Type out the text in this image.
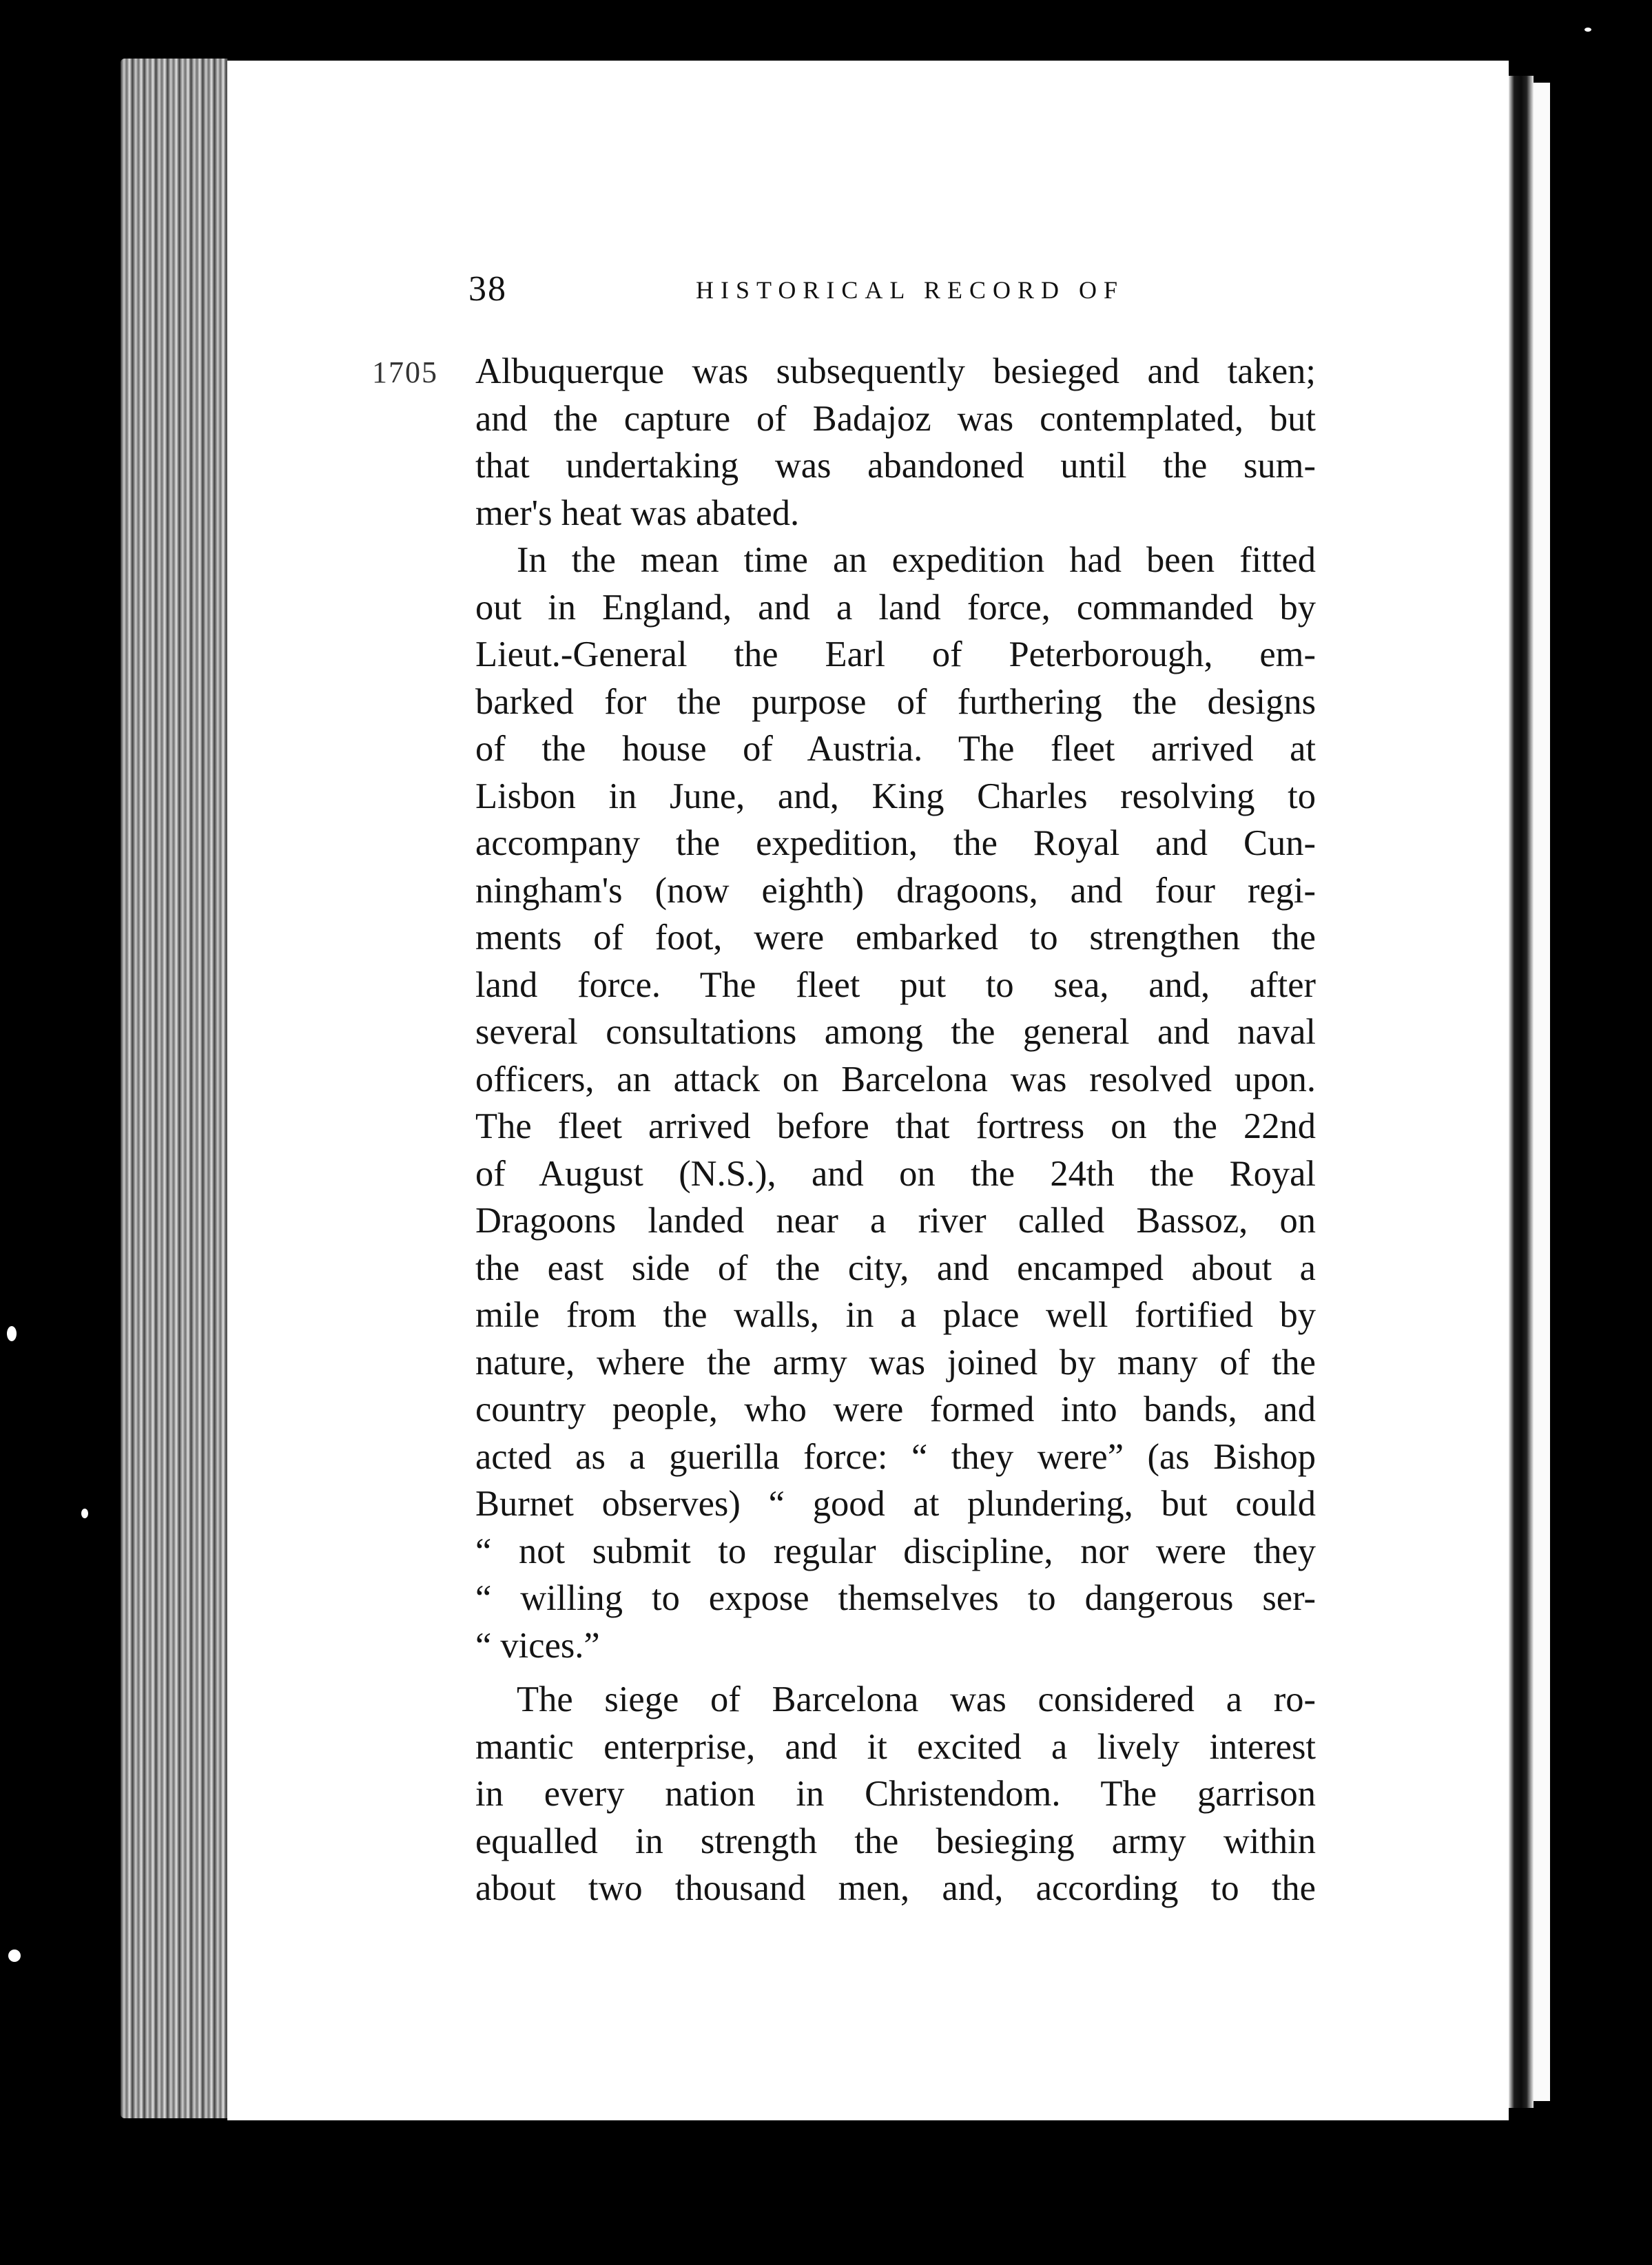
38	HISTORICAL RECORD OF
1705 Albuquerque was subsequently besieged and taken;
and the capture of Badajoz was contemplated, but
that undertaking was abandoned until the sum-
mer's heat was abated.

In the mean time an expedition had been fitted
out in England, and a land force, commanded by
Lieut.-General the Earl of Peterborough, em-
barked for the purpose of furthering the designs
of the house of Austria. The fleet arrived at
Lisbon in June, and, King Charles resolving to
accompany the expedition, the Royal and Cun-
ningham's (now eighth) dragoons, and four regi-
ments of foot, were embarked to strengthen the
land force. The fleet put to sea, and, after
several consultations among the general and naval
officers, an attack on Barcelona was resolved upon.
The fleet arrived before that fortress on the 22nd
of August (N.S.), and on the 24th the Royal
Dragoons landed near a river called Bassoz, on
the east side of the city, and encamped about a
mile from the walls, in a place well fortified by
nature, where the army was joined by many of the
country people, who were formed into bands, and
acted as a guerilla force: “ they were” (as Bishop
Burnet observes) “ good at plundering, but could
“ not submit to regular discipline, nor were they
“ willing to expose themselves to dangerous ser-
“ vices.”

The siege of Barcelona was considered a ro-
mantic enterprise, and it excited a lively interest
in every nation in Christendom. The garrison
equalled in strength the besieging army within
about two thousand men, and, according to the
